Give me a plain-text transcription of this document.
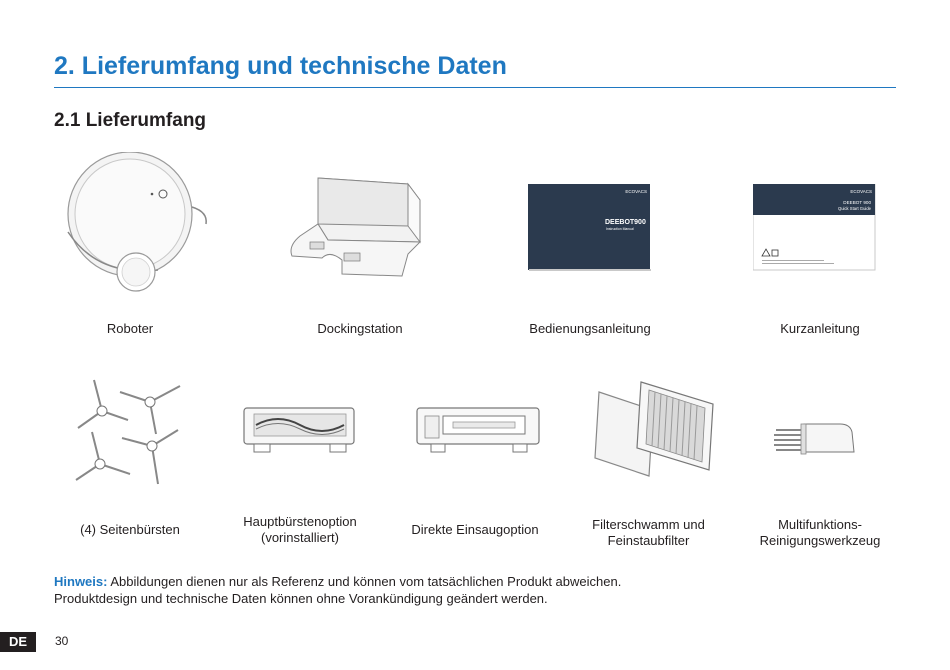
2. Lieferumfang und technische Daten
2.1 Lieferumfang
Roboter	Dockingstation
ECOVACS
DEEBOT900
Instruction Manual
Bedienungsanleitung
ECOVACS
DEEBOT 900
Quick Start Guide
Kurzanleitung
(4) Seitenbürsten
Hauptbürstenoption
(vorinstalliert)
Direkte Einsaugoption	Filterschwamm und
Feinstaubfilter
Multifunktions-
Reinigungswerkzeug
Hinweis: Abbildungen dienen nur als Referenz und können vom tatsächlichen Produkt abweichen.
Produktdesign und technische Daten können ohne Vorankündigung geändert werden.
DE	30
